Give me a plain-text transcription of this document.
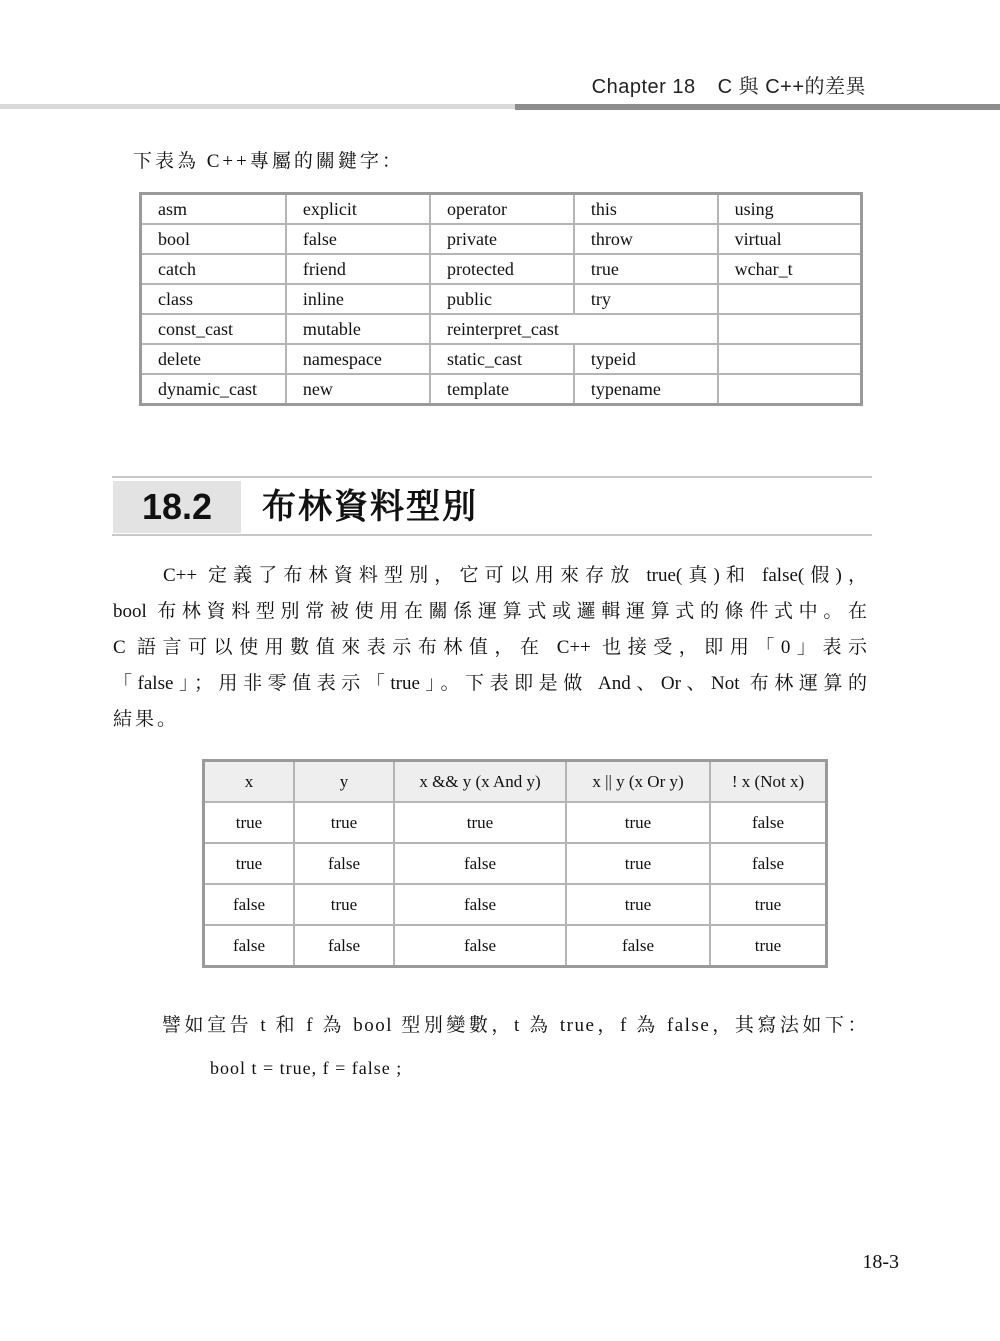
Chapter 18 C 與 C++的差異
下表為 C++專屬的關鍵字：
asm	explicit	operator	this	using
bool	false	private	throw	virtual
catch	friend	protected	true	wchar_t
class	inline	public	try	
const_cast	mutable	reinterpret_cast		
delete	namespace	static_cast	typeid	
dynamic_cast	new	template	typename	
18.2	布林資料型別
C++ 定義了布林資料型別，它可以用來存放 true(真)和 false(假)，
bool 布林資料型別常被使用在關係運算式或邏輯運算式的條件式中。在
C 語言可以使用數值來表示布林值，在 C++ 也接受，即用「0」表示
「false」；用非零值表示「true」。下表即是做 And、Or、Not 布林運算的
結果。
x	y	x && y (x And y)	x || y (x Or y)	! x (Not x)
true	true	true	true	false
true	false	false	true	false
false	true	false	true	true
false	false	false	false	true
譬如宣告 t 和 f 為 bool 型別變數，t 為 true，f 為 false，其寫法如下：
bool t = true, f = false ;
18-3
